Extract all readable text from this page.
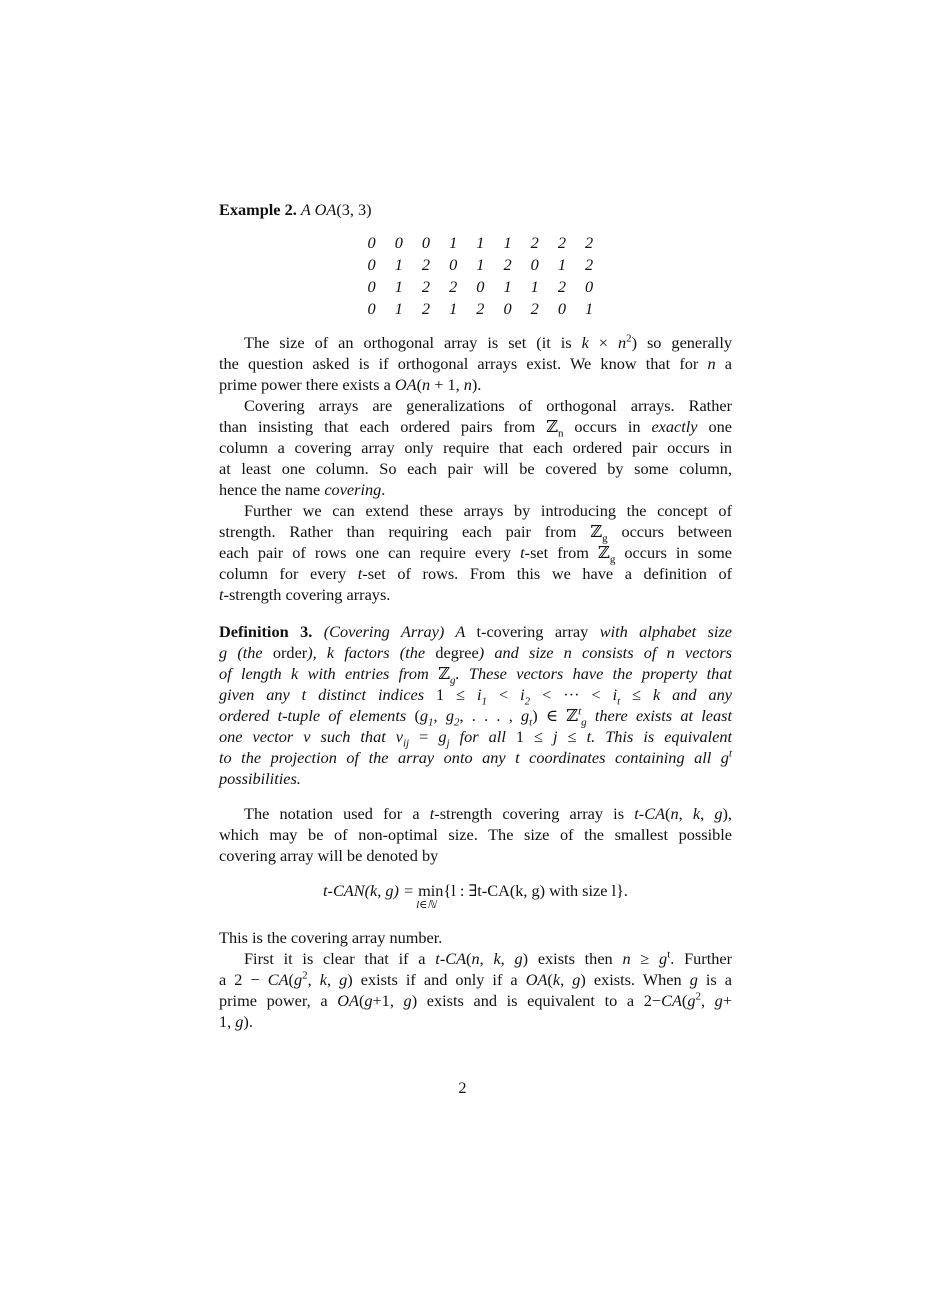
Example 2. A OA(3, 3)
0	0	0	1	1	1	2	2	2
0	1	2	0	1	2	0	1	2
0	1	2	2	0	1	1	2	0
0	1	2	1	2	0	2	0	1
The size of an orthogonal array is set (it is $k \times n^2$) so generally
the question asked is if orthogonal arrays exist. We know that for n a
prime power there exists a OA(n + 1, n).
Covering arrays are generalizations of orthogonal arrays. Rather
than insisting that each ordered pairs from ℤ$_n$ occurs in exactly one
column a covering array only require that each ordered pair occurs in
at least one column. So each pair will be covered by some column,
hence the name covering.
Further we can extend these arrays by introducing the concept of
strength. Rather than requiring each pair from ℤ$_g$ occurs between
each pair of rows one can require every t-set from ℤ$_g$ occurs in some
column for every t-set of rows. From this we have a definition of
t-strength covering arrays.
Definition 3. (Covering Array) A t-covering array with alphabet size
g (the order), k factors (the degree) and size n consists of n vectors
of length k with entries from ℤ$_g$. These vectors have the property that
given any t distinct indices $1 \le i_1 < i_2$ < ··· < $i_t \le k$ and any
ordered t-tuple of elements ($g_1$, $g_2$, . . . , $g_t$) ∈ ℤ$^t_g$ there exists at least
one vector v such that $v_{ij} = g_j$ for all 1 ≤ j ≤ t. This is equivalent
to the projection of the array onto any t coordinates containing all $g^t$
possibilities.
The notation used for a t-strength covering array is t-CA(n, k, g),
which may be of non-optimal size. The size of the smallest possible
covering array will be denoted by
t-CAN(k, g) = min
l∈ℕ
{l : ∃t-CA(k, g) with size l}.
This is the covering array number.
First it is clear that if a t-CA(n, k, g) exists then $n \ge g^t$. Further
a $2 - CA(g^2$, k, g) exists if and only if a OA(k, g) exists. When g is a
prime power, a OA(g+1, g) exists and is equivalent to a $2-CA(g^2$, g+
1, g).
2
